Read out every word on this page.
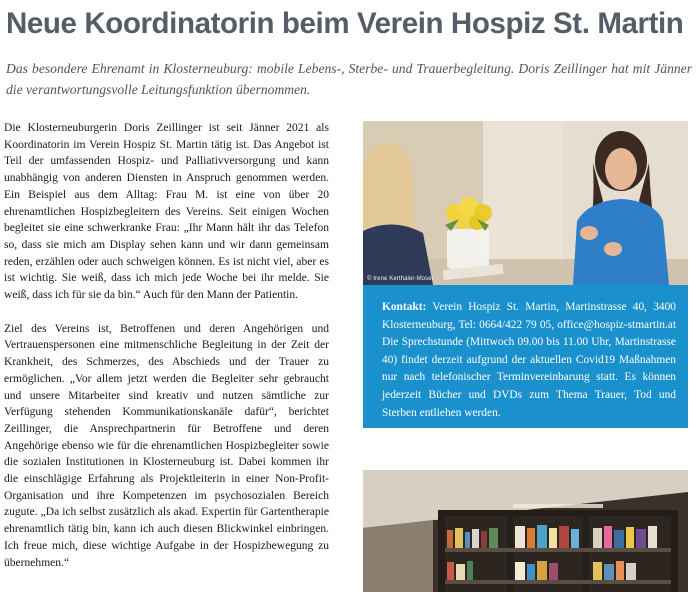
Neue Koordinatorin beim Verein Hospiz St. Martin

Das besondere Ehrenamt in Klosterneuburg: mobile Lebens-, Sterbe- und Trauerbegleitung. Doris Zeillinger hat mit Jänner die verantwortungsvolle Leitungsfunktion übernommen.

Die Klosterneuburgerin Doris Zeillinger ist seit Jänner 2021 als Koordinatorin im Verein Hospiz St. Martin tätig ist. Das Angebot ist Teil der umfassenden Hospiz- und Palliativversorgung und kann unabhängig von anderen Diensten in Anspruch genommen werden. Ein Beispiel aus dem Alltag: Frau M. ist eine von über 20 ehrenamtlichen Hospizbegleitern des Vereins. Seit einigen Wochen begleitet sie eine schwerkranke Frau: „Ihr Mann hält ihr das Telefon so, dass sie mich am Display sehen kann und wir dann gemeinsam reden, erzählen oder auch schweigen können. Es ist nicht viel, aber es ist wichtig. Sie weiß, dass ich mich jede Woche bei ihr melde. Sie weiß, dass ich für sie da bin.“ Auch für den Mann der Patientin.

Ziel des Vereins ist, Betroffenen und deren Angehörigen und Vertrauenspersonen eine mitmenschliche Begleitung in der Zeit der Krankheit, des Schmerzes, des Abschieds und der Trauer zu ermöglichen. „Vor allem jetzt werden die Begleiter sehr gebraucht und unsere Mitarbeiter sind kreativ und nutzen sämtliche zur Verfügung stehenden Kommunikationskanäle dafür“, berichtet Zeillinger, die Ansprechpartnerin für Betroffene und deren Angehörige ebenso wie für die ehrenamtlichen Hospizbegleiter sowie die sozialen Institutionen in Klosterneuburg ist. Dabei kommen ihr die einschlägige Erfahrung als Projektleiterin in einer Non-Profit-Organisation und ihre Kompetenzen im psychosozialen Bereich zugute. „Da ich selbst zusätzlich als akad. Expertin für Gartentherapie ehrenamtlich tätig bin, kann ich auch diesen Blickwinkel einbringen. Ich freue mich, diese wichtige Aufgabe in der Hospizbewegung zu übernehmen.“

© Irene Kerthaler-Moser
Kontakt: Verein Hospiz St. Martin, Martinstrasse 40, 3400 Klosterneuburg, Tel: 0664/422 79 05, office@hospiz-stmartin.at Die Sprechstunde (Mittwoch 09.00 bis 11.00 Uhr, Martinstrasse 40) findet derzeit aufgrund der aktuellen Covid19 Maßnahmen nur nach telefonischer Terminvereinbarung statt. Es können jederzeit Bücher und DVDs zum Thema Trauer, Tod und Sterben entliehen werden.
